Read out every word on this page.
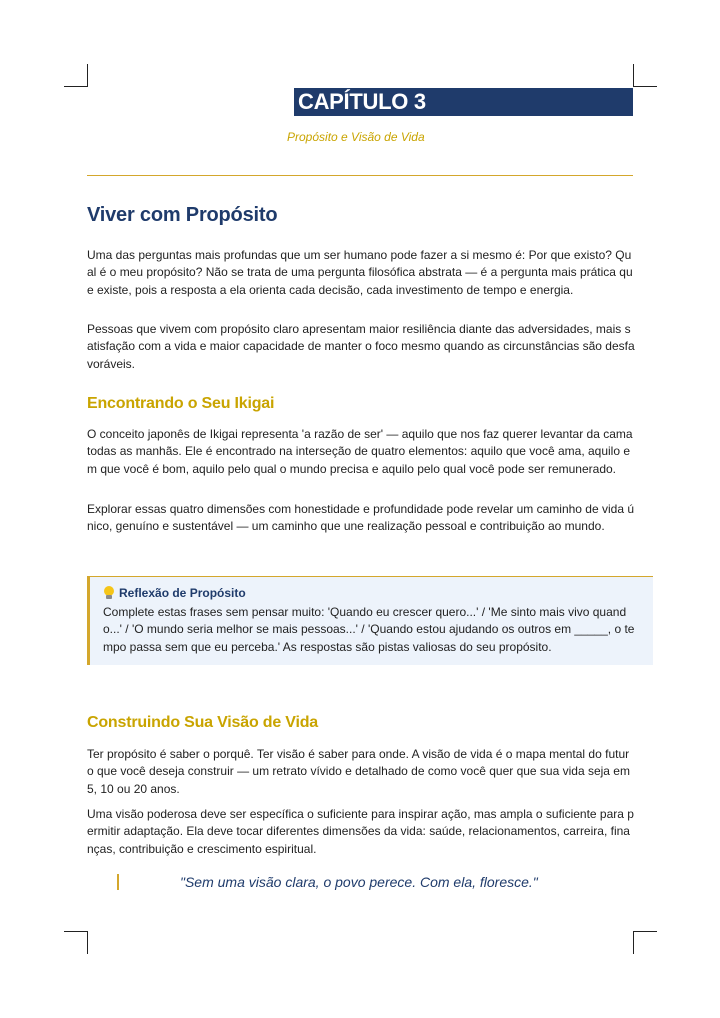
CAPÍTULO 3
Propósito e Visão de Vida
Viver com Propósito

Uma das perguntas mais profundas que um ser humano pode fazer a si mesmo é: Por que existo? Qual é o meu propósito? Não se trata de uma pergunta filosófica abstrata — é a pergunta mais prática que existe, pois a resposta a ela orienta cada decisão, cada investimento de tempo e energia.

Pessoas que vivem com propósito claro apresentam maior resiliência diante das adversidades, mais satisfação com a vida e maior capacidade de manter o foco mesmo quando as circunstâncias são desfavoráveis.

Encontrando o Seu Ikigai

O conceito japonês de Ikigai representa 'a razão de ser' — aquilo que nos faz querer levantar da cama todas as manhãs. Ele é encontrado na interseção de quatro elementos: aquilo que você ama, aquilo em que você é bom, aquilo pelo qual o mundo precisa e aquilo pelo qual você pode ser remunerado.

Explorar essas quatro dimensões com honestidade e profundidade pode revelar um caminho de vida único, genuíno e sustentável — um caminho que une realização pessoal e contribuição ao mundo.

Reflexão de Propósito
Complete estas frases sem pensar muito: 'Quando eu crescer quero...' / 'Me sinto mais vivo quando...' / 'O mundo seria melhor se mais pessoas...' / 'Quando estou ajudando os outros em _____, o tempo passa sem que eu perceba.' As respostas são pistas valiosas do seu propósito.
Construindo Sua Visão de Vida

Ter propósito é saber o porquê. Ter visão é saber para onde. A visão de vida é o mapa mental do futuro que você deseja construir — um retrato vívido e detalhado de como você quer que sua vida seja em 5, 10 ou 20 anos.

Uma visão poderosa deve ser específica o suficiente para inspirar ação, mas ampla o suficiente para permitir adaptação. Ela deve tocar diferentes dimensões da vida: saúde, relacionamentos, carreira, finanças, contribuição e crescimento espiritual.

"Sem uma visão clara, o povo perece. Com ela, floresce."
